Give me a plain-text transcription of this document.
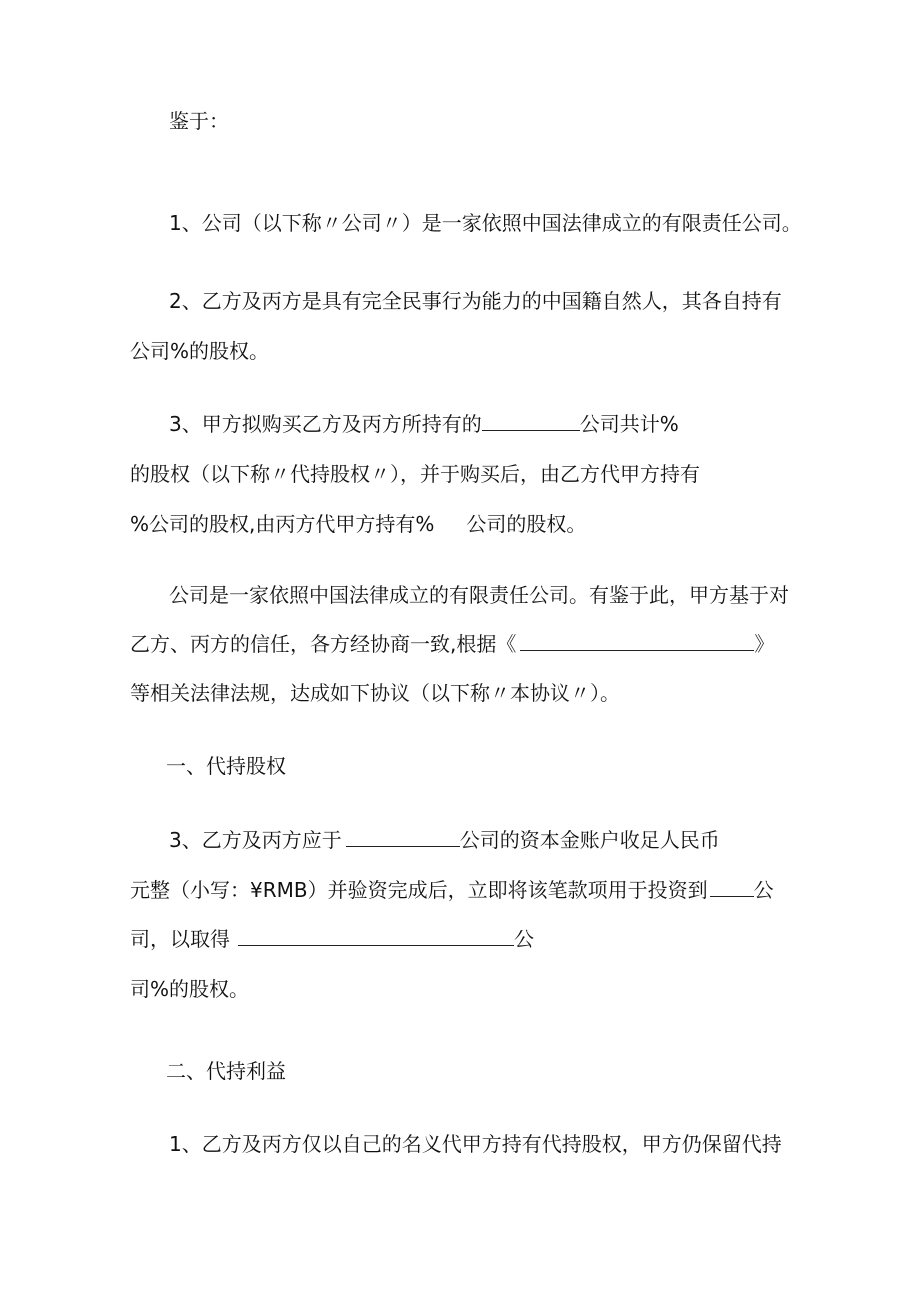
鉴于：
1、公司（以下称〃公司〃）是一家依照中国法律成立的有限责任公司。
2、乙方及丙方是具有完全民事行为能力的中国籍自然人，其各自持有
公司%的股权。
3、甲方拟购买乙方及丙方所持有的	公司共计%
的股权（以下称〃代持股权〃），并于购买后，由乙方代甲方持有
%公司的股权,由丙方代甲方持有% 公司的股权。
公司是一家依照中国法律成立的有限责任公司。有鉴于此，甲方基于对
乙方、丙方的信任，各方经协商一致,根据《	》
等相关法律法规，达成如下协议（以下称〃本协议〃）。
一、代持股权
3、乙方及丙方应于	公司的资本金账户收足人民币
元整（小写：¥RMB）并验资完成后，立即将该笔款项用于投资到 公
司，以取得	公
司%的股权。
二、代持利益
1、乙方及丙方仅以自己的名义代甲方持有代持股权，甲方仍保留代持
